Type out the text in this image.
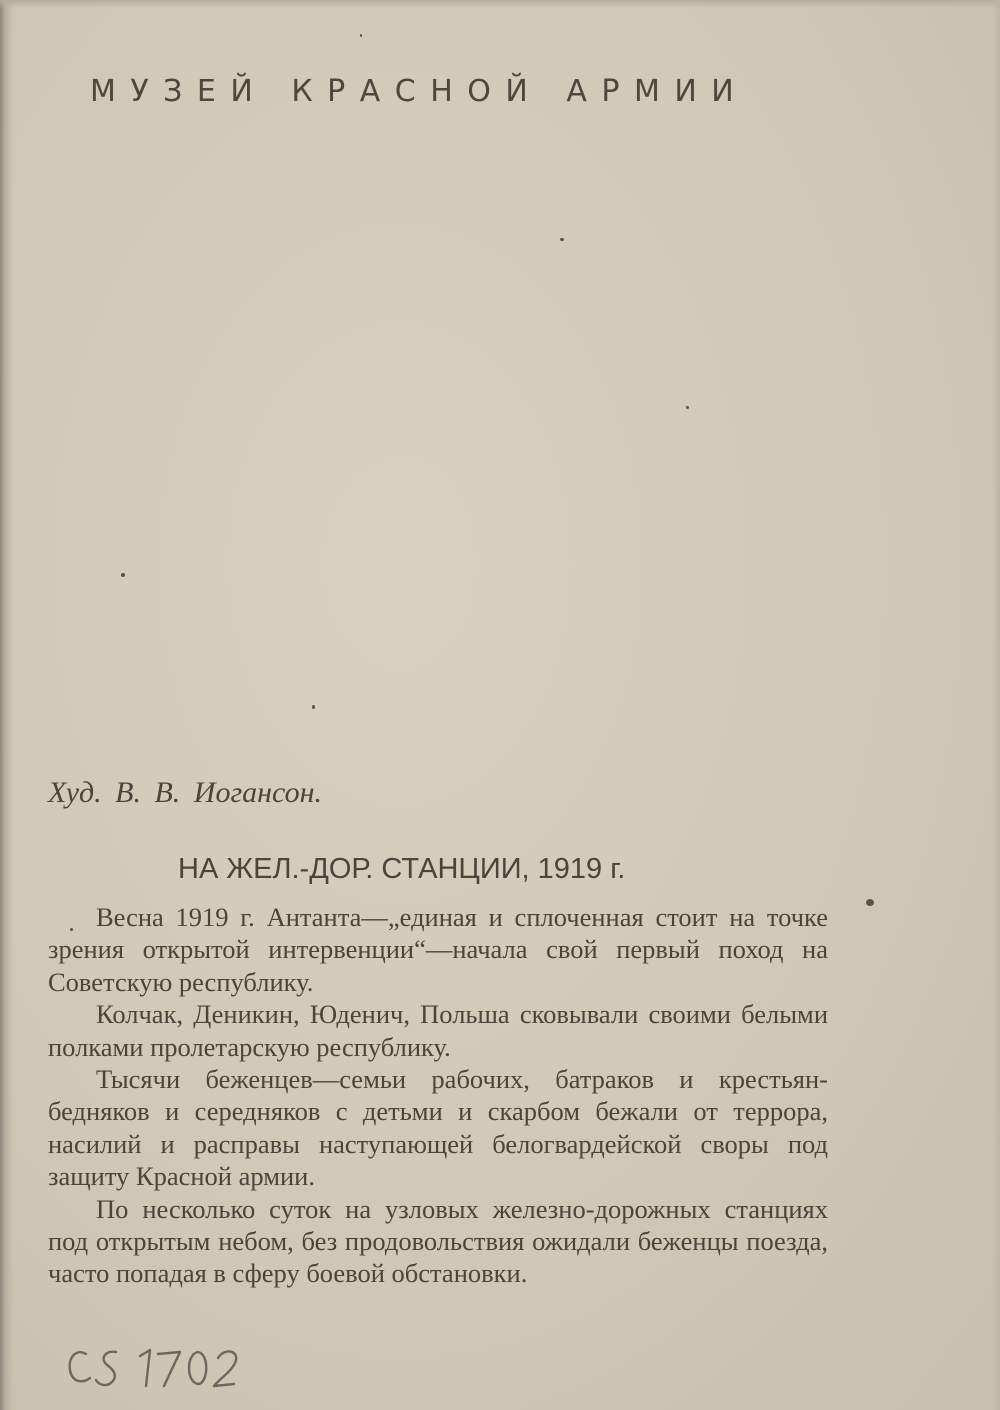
МУЗЕЙ КРАСНОЙ АРМИИ
Худ. В. В. Иогансон.
НА ЖЕЛ.-ДОР. СТАНЦИИ, 1919 г.

Весна 1919 г. Антанта—„единая и сплоченная стоит на точке зрения открытой интервенции“—начала свой первый поход на Советскую республику.

Колчак, Деникин, Юденич, Польша сковывали своими белыми полками пролетарскую республику.

Тысячи беженцев—семьи рабочих, батраков и крестьян-бедняков и середняков с детьми и скарбом бежали от террора, насилий и расправы наступающей белогвардейской своры под защиту Красной армии.

По несколько суток на узловых железно-дорожных станциях под открытым небом, без продовольствия ожидали беженцы поезда, часто попадая в сферу боевой обстановки.
